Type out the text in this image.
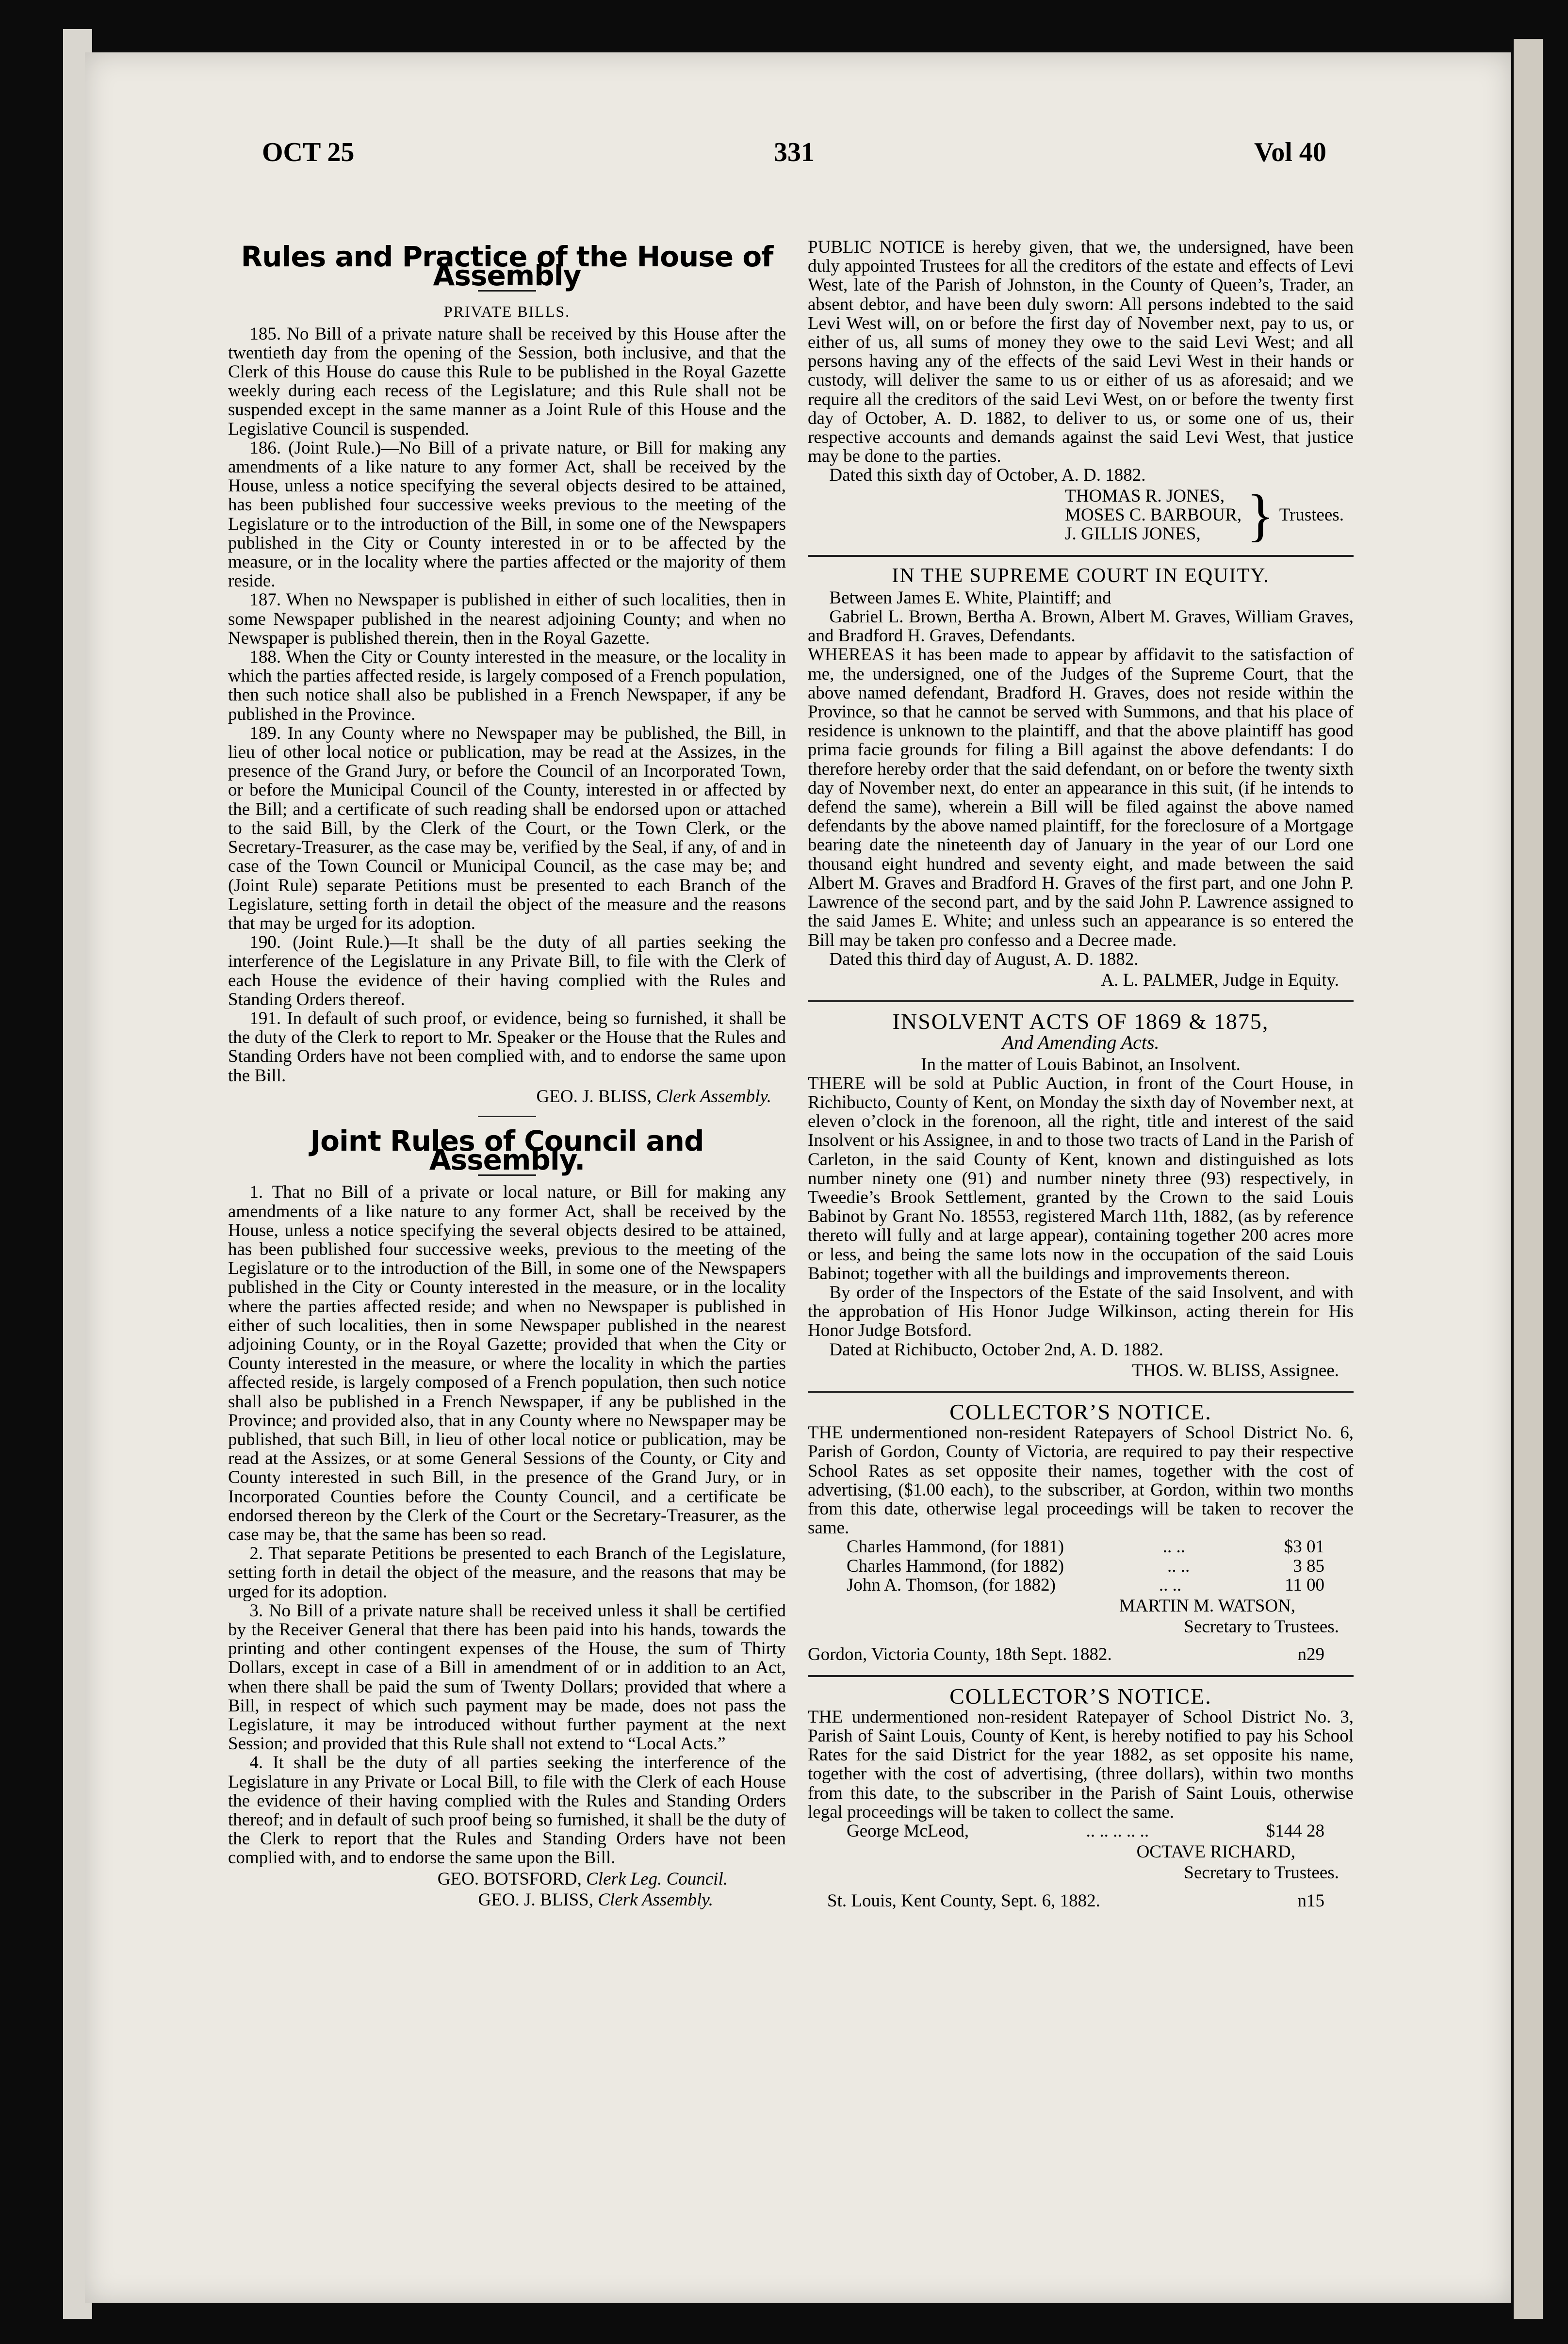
OCT 25	331	Vol 40
Rules and Practice of the House of Assembly
PRIVATE BILLS.

185. No Bill of a private nature shall be received by this House after the twentieth day from the opening of the Session, both inclusive, and that the Clerk of this House do cause this Rule to be published in the Royal Gazette weekly during each recess of the Legislature; and this Rule shall not be suspended except in the same manner as a Joint Rule of this House and the Legislative Council is suspended.

186. (Joint Rule.)—No Bill of a private nature, or Bill for making any amendments of a like nature to any former Act, shall be received by the House, unless a notice specifying the several objects desired to be attained, has been published four successive weeks previous to the meeting of the Legislature or to the introduction of the Bill, in some one of the Newspapers published in the City or County interested in or to be affected by the measure, or in the locality where the parties affected or the majority of them reside.

187. When no Newspaper is published in either of such localities, then in some Newspaper published in the nearest adjoining County; and when no Newspaper is published therein, then in the Royal Gazette.

188. When the City or County interested in the measure, or the locality in which the parties affected reside, is largely composed of a French population, then such notice shall also be published in a French Newspaper, if any be published in the Province.

189. In any County where no Newspaper may be published, the Bill, in lieu of other local notice or publication, may be read at the Assizes, in the presence of the Grand Jury, or before the Council of an Incorporated Town, or before the Municipal Council of the County, interested in or affected by the Bill; and a certificate of such reading shall be endorsed upon or attached to the said Bill, by the Clerk of the Court, or the Town Clerk, or the Secretary-Treasurer, as the case may be, verified by the Seal, if any, of and in case of the Town Council or Municipal Council, as the case may be; and (Joint Rule) separate Petitions must be presented to each Branch of the Legislature, setting forth in detail the object of the measure and the reasons that may be urged for its adoption.

190. (Joint Rule.)—It shall be the duty of all parties seeking the interference of the Legislature in any Private Bill, to file with the Clerk of each House the evidence of their having complied with the Rules and Standing Orders thereof.

191. In default of such proof, or evidence, being so furnished, it shall be the duty of the Clerk to report to Mr. Speaker or the House that the Rules and Standing Orders have not been complied with, and to endorse the same upon the Bill.

GEO. J. BLISS, Clerk Assembly.
Joint Rules of Council and Assembly.

1. That no Bill of a private or local nature, or Bill for making any amendments of a like nature to any former Act, shall be received by the House, unless a notice specifying the several objects desired to be attained, has been published four successive weeks, previous to the meeting of the Legislature or to the introduction of the Bill, in some one of the Newspapers published in the City or County interested in the measure, or in the locality where the parties affected reside; and when no Newspaper is published in either of such localities, then in some Newspaper published in the nearest adjoining County, or in the Royal Gazette; provided that when the City or County interested in the measure, or where the locality in which the parties affected reside, is largely composed of a French population, then such notice shall also be published in a French Newspaper, if any be published in the Province; and provided also, that in any County where no Newspaper may be published, that such Bill, in lieu of other local notice or publication, may be read at the Assizes, or at some General Sessions of the County, or City and County interested in such Bill, in the presence of the Grand Jury, or in Incorporated Counties before the County Council, and a certificate be endorsed thereon by the Clerk of the Court or the Secretary-Treasurer, as the case may be, that the same has been so read.

2. That separate Petitions be presented to each Branch of the Legislature, setting forth in detail the object of the measure, and the reasons that may be urged for its adoption.

3. No Bill of a private nature shall be received unless it shall be certified by the Receiver General that there has been paid into his hands, towards the printing and other contingent expenses of the House, the sum of Thirty Dollars, except in case of a Bill in amendment of or in addition to an Act, when there shall be paid the sum of Twenty Dollars; provided that where a Bill, in respect of which such payment may be made, does not pass the Legislature, it may be introduced without further payment at the next Session; and provided that this Rule shall not extend to “Local Acts.”

4. It shall be the duty of all parties seeking the interference of the Legislature in any Private or Local Bill, to file with the Clerk of each House the evidence of their having complied with the Rules and Standing Orders thereof; and in default of such proof being so furnished, it shall be the duty of the Clerk to report that the Rules and Standing Orders have not been complied with, and to endorse the same upon the Bill.

GEO. BOTSFORD, Clerk Leg. Council.
GEO. J. BLISS, Clerk Assembly.

PUBLIC NOTICE is hereby given, that we, the undersigned, have been duly appointed Trustees for all the creditors of the estate and effects of Levi West, late of the Parish of Johnston, in the County of Queen’s, Trader, an absent debtor, and have been duly sworn: All persons indebted to the said Levi West will, on or before the first day of November next, pay to us, or either of us, all sums of money they owe to the said Levi West; and all persons having any of the effects of the said Levi West in their hands or custody, will deliver the same to us or either of us as aforesaid; and we require all the creditors of the said Levi West, on or before the twenty first day of October, A. D. 1882, to deliver to us, or some one of us, their respective accounts and demands against the said Levi West, that justice may be done to the parties.

Dated this sixth day of October, A. D. 1882.

THOMAS R. JONES,
MOSES C. BARBOUR,
J. GILLIS JONES, } Trustees.
IN THE SUPREME COURT IN EQUITY.

Between James E. White, Plaintiff; and

Gabriel L. Brown, Bertha A. Brown, Albert M. Graves, William Graves, and Bradford H. Graves, Defendants.

WHEREAS it has been made to appear by affidavit to the satisfaction of me, the undersigned, one of the Judges of the Supreme Court, that the above named defendant, Bradford H. Graves, does not reside within the Province, so that he cannot be served with Summons, and that his place of residence is unknown to the plaintiff, and that the above plaintiff has good prima facie grounds for filing a Bill against the above defendants: I do therefore hereby order that the said defendant, on or before the twenty sixth day of November next, do enter an appearance in this suit, (if he intends to defend the same), wherein a Bill will be filed against the above named defendants by the above named plaintiff, for the foreclosure of a Mortgage bearing date the nineteenth day of January in the year of our Lord one thousand eight hundred and seventy eight, and made between the said Albert M. Graves and Bradford H. Graves of the first part, and one John P. Lawrence of the second part, and by the said John P. Lawrence assigned to the said James E. White; and unless such an appearance is so entered the Bill may be taken pro confesso and a Decree made.

Dated this third day of August, A. D. 1882.

A. L. PALMER, Judge in Equity.
INSOLVENT ACTS OF 1869 & 1875,
And Amending Acts.
In the matter of Louis Babinot, an Insolvent.

THERE will be sold at Public Auction, in front of the Court House, in Richibucto, County of Kent, on Monday the sixth day of November next, at eleven o’clock in the forenoon, all the right, title and interest of the said Insolvent or his Assignee, in and to those two tracts of Land in the Parish of Carleton, in the said County of Kent, known and distinguished as lots number ninety one (91) and number ninety three (93) respectively, in Tweedie’s Brook Settlement, granted by the Crown to the said Louis Babinot by Grant No. 18553, registered March 11th, 1882, (as by reference thereto will fully and at large appear), containing together 200 acres more or less, and being the same lots now in the occupation of the said Louis Babinot; together with all the buildings and improvements thereon.

By order of the Inspectors of the Estate of the said Insolvent, and with the approbation of His Honor Judge Wilkinson, acting therein for His Honor Judge Botsford.

Dated at Richibucto, October 2nd, A. D. 1882.

THOS. W. BLISS, Assignee.
COLLECTOR’S NOTICE.

THE undermentioned non-resident Ratepayers of School District No. 6, Parish of Gordon, County of Victoria, are required to pay their respective School Rates as set opposite their names, together with the cost of advertising, ($1.00 each), to the subscriber, at Gordon, within two months from this date, otherwise legal proceedings will be taken to recover the same.

Charles Hammond, (for 1881)	.. ..	$3 01
Charles Hammond, (for 1882)	.. ..	3 85
John A. Thomson, (for 1882)	.. ..	11 00
MARTIN M. WATSON,
Secretary to Trustees.
Gordon, Victoria County, 18th Sept. 1882.	n29
COLLECTOR’S NOTICE.

THE undermentioned non-resident Ratepayer of School District No. 3, Parish of Saint Louis, County of Kent, is hereby notified to pay his School Rates for the said District for the year 1882, as set opposite his name, together with the cost of advertising, (three dollars), within two months from this date, to the subscriber in the Parish of Saint Louis, otherwise legal proceedings will be taken to collect the same.

George McLeod,	.. .. .. .. ..	$144 28
OCTAVE RICHARD,
Secretary to Trustees.
St. Louis, Kent County, Sept. 6, 1882.	n15
